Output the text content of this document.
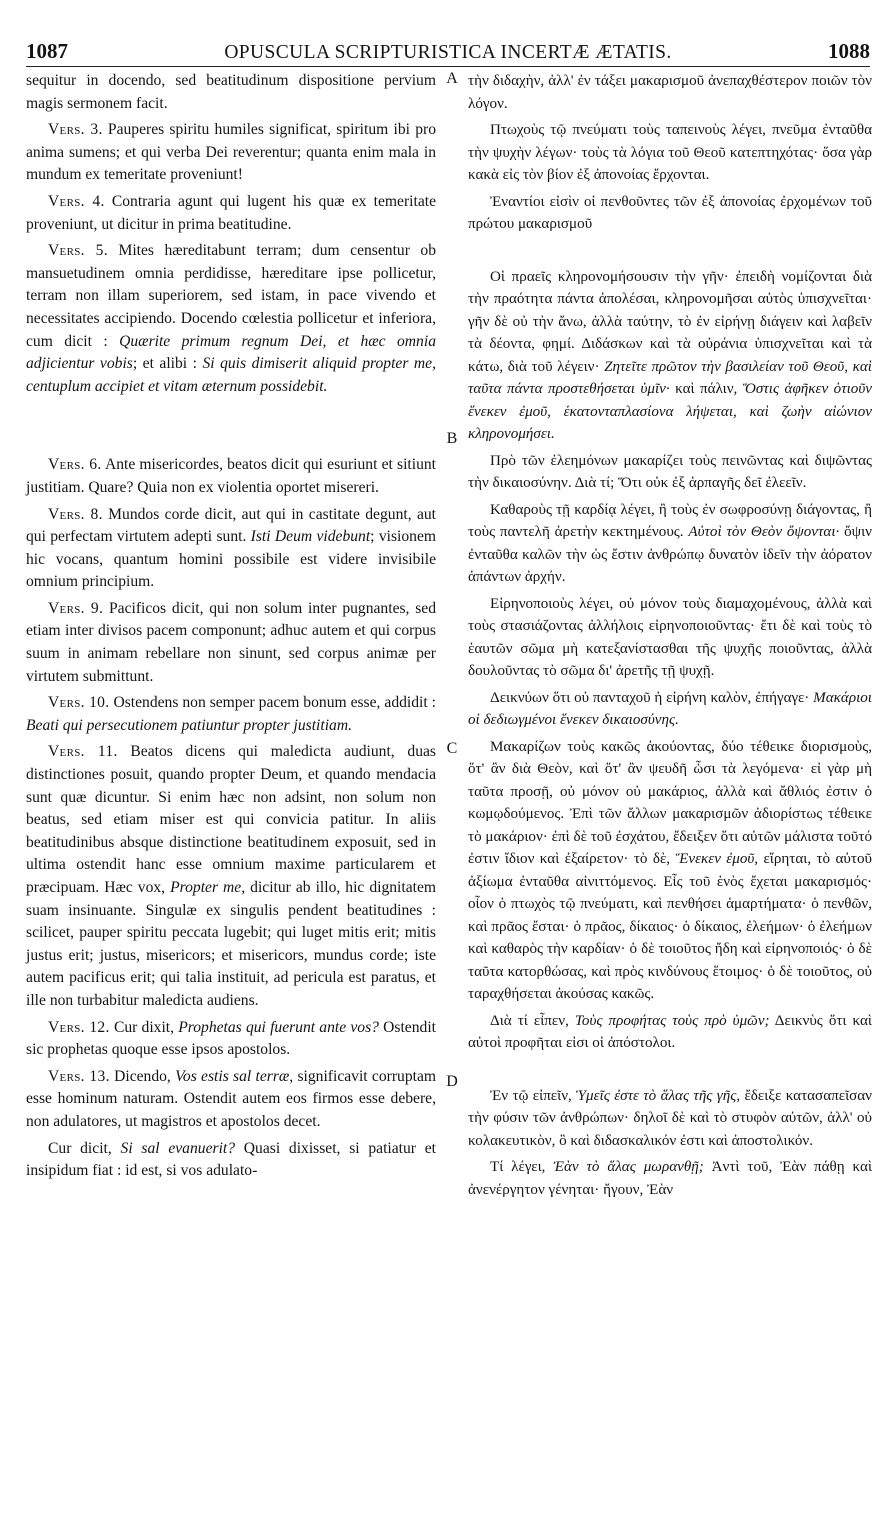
1087	OPUSCULA SCRIPTURISTICA INCERTÆ ÆTATIS.	1088
A
B
C
D

sequitur in docendo, sed beatitudinum dispositione pervium magis sermonem facit.

Vers. 3. Pauperes spiritu humiles significat, spiritum ibi pro anima sumens; et qui verba Dei reverentur; quanta enim mala in mundum ex temeritate proveniunt!

Vers. 4. Contraria agunt qui lugent his quæ ex temeritate proveniunt, ut dicitur in prima beatitudine.

Vers. 5. Mites hæreditabunt terram; dum censentur ob mansuetudinem omnia perdidisse, hæreditare ipse pollicetur, terram non illam superiorem, sed istam, in pace vivendo et necessitates accipiendo. Docendo cœlestia pollicetur et inferiora, cum dicit : Quærite primum regnum Dei, et hæc omnia adjicientur vobis; et alibi : Si quis dimiserit aliquid propter me, centuplum accipiet et vitam æternum possidebit.

Vers. 6. Ante misericordes, beatos dicit qui esuriunt et sitiunt justitiam. Quare? Quia non ex violentia oportet misereri.

Vers. 8. Mundos corde dicit, aut qui in castitate degunt, aut qui perfectam virtutem adepti sunt. Isti Deum videbunt; visionem hic vocans, quantum homini possibile est videre invisibile omnium principium.

Vers. 9. Pacificos dicit, qui non solum inter pugnantes, sed etiam inter divisos pacem componunt; adhuc autem et qui corpus suum in animam rebellare non sinunt, sed corpus animæ per virtutem submittunt.

Vers. 10. Ostendens non semper pacem bonum esse, addidit : Beati qui persecutionem patiuntur propter justitiam.

Vers. 11. Beatos dicens qui maledicta audiunt, duas distinctiones posuit, quando propter Deum, et quando mendacia sunt quæ dicuntur. Si enim hæc non adsint, non solum non beatus, sed etiam miser est qui convicia patitur. In aliis beatitudinibus absque distinctione beatitudinem exposuit, sed in ultima ostendit hanc esse omnium maxime particularem et præcipuam. Hæc vox, Propter me, dicitur ab illo, hic dignitatem suam insinuante. Singulæ ex singulis pendent beatitudines : scilicet, pauper spiritu peccata lugebit; qui luget mitis erit; mitis justus erit; justus, misericors; et misericors, mundus corde; iste autem pacificus erit; qui talia instituit, ad pericula est paratus, et ille non turbabitur maledicta audiens.

Vers. 12. Cur dixit, Prophetas qui fuerunt ante vos? Ostendit sic prophetas quoque esse ipsos apostolos.

Vers. 13. Dicendo, Vos estis sal terræ, significavit corruptam esse hominum naturam. Ostendit autem eos firmos esse debere, non adulatores, ut magistros et apostolos decet.

Cur dicit, Si sal evanuerit? Quasi dixisset, si patiatur et insipidum fiat : id est, si vos adulato-

τὴν διδαχὴν, ἀλλ' ἐν τάξει μακαρισμοῦ ἀνεπαχθέστερον ποιῶν τὸν λόγον.

Πτωχοὺς τῷ πνεύματι τοὺς ταπεινοὺς λέγει, πνεῦμα ἐνταῦθα τὴν ψυχὴν λέγων· τοὺς τὰ λόγια τοῦ Θεοῦ κατεπτηχότας· ὅσα γὰρ κακὰ εἰς τὸν βίον ἐξ ἀπονοίας ἔρχονται.

Ἐναντίοι εἰσὶν οἱ πενθοῦντες τῶν ἐξ ἀπονοίας ἐρχομένων τοῦ πρώτου μακαρισμοῦ

Οἱ πραεῖς κληρονομήσουσιν τὴν γῆν· ἐπειδὴ νομίζονται διὰ τὴν πραότητα πάντα ἀπολέσαι, κληρονομῆσαι αὐτὸς ὑπισχνεῖται· γῆν δὲ οὐ τὴν ἄνω, ἀλλὰ ταύτην, τὸ ἐν εἰρήνῃ διάγειν καὶ λαβεῖν τὰ δέοντα, φημί. Διδάσκων καὶ τὰ οὐράνια ὑπισχνεῖται καὶ τὰ κάτω, διὰ τοῦ λέγειν· Ζητεῖτε πρῶτον τὴν βασιλείαν τοῦ Θεοῦ, καὶ ταῦτα πάντα προστεθήσεται ὑμῖν· καὶ πάλιν, Ὅστις ἀφῆκεν ὁτιοῦν ἕνεκεν ἐμοῦ, ἑκατονταπλασίονα λήψεται, καὶ ζωὴν αἰώνιον κληρονομήσει.

Πρὸ τῶν ἐλεημόνων μακαρίζει τοὺς πεινῶντας καὶ διψῶντας τὴν δικαιοσύνην. Διὰ τί; Ὅτι οὐκ ἐξ ἁρπαγῆς δεῖ ἐλεεῖν.

Καθαροὺς τῇ καρδίᾳ λέγει, ἢ τοὺς ἐν σωφροσύνῃ διάγοντας, ἢ τοὺς παντελῆ ἀρετὴν κεκτημένους. Αὐτοὶ τὸν Θεὸν ὄψονται· ὄψιν ἐνταῦθα καλῶν τὴν ὡς ἔστιν ἀνθρώπῳ δυνατὸν ἰδεῖν τὴν ἀόρατον ἁπάντων ἀρχήν.

Εἰρηνοποιοὺς λέγει, οὐ μόνον τοὺς διαμαχομένους, ἀλλὰ καὶ τοὺς στασιάζοντας ἀλλήλοις εἰρηνοποιοῦντας· ἔτι δὲ καὶ τοὺς τὸ ἑαυτῶν σῶμα μὴ κατεξανίστασθαι τῆς ψυχῆς ποιοῦντας, ἀλλὰ δουλοῦντας τὸ σῶμα δι' ἀρετῆς τῇ ψυχῇ.

Δεικνύων ὅτι οὐ πανταχοῦ ἡ εἰρήνη καλὸν, ἐπήγαγε· Μακάριοι οἱ δεδιωγμένοι ἕνεκεν δικαιοσύνης.

Μακαρίζων τοὺς κακῶς ἀκούοντας, δύο τέθεικε διορισμοὺς, ὅτ' ἂν διὰ Θεὸν, καὶ ὅτ' ἂν ψευδῆ ὦσι τὰ λεγόμενα· εἰ γὰρ μὴ ταῦτα προσῇ, οὐ μόνον οὐ μακάριος, ἀλλὰ καὶ ἄθλιός ἐστιν ὁ κωμῳδούμενος. Ἐπὶ τῶν ἄλλων μακαρισμῶν ἀδιορίστως τέθεικε τὸ μακάριον· ἐπὶ δὲ τοῦ ἐσχάτου, ἔδειξεν ὅτι αὐτῶν μάλιστα τοῦτό ἐστιν ἴδιον καὶ ἐξαίρετον· τὸ δὲ, Ἕνεκεν ἐμοῦ, εἴρηται, τὸ αὐτοῦ ἀξίωμα ἐνταῦθα αἰνιττόμενος. Εἷς τοῦ ἑνὸς ἔχεται μακαρισμός· οἷον ὁ πτωχὸς τῷ πνεύματι, καὶ πενθήσει ἁμαρτήματα· ὁ πενθῶν, καὶ πρᾶος ἔσται· ὁ πρᾶος, δίκαιος· ὁ δίκαιος, ἐλεήμων· ὁ ἐλεήμων καὶ καθαρὸς τὴν καρδίαν· ὁ δὲ τοιοῦτος ἤδη καὶ εἰρηνοποιός· ὁ δὲ ταῦτα κατορθώσας, καὶ πρὸς κινδύνους ἕτοιμος· ὁ δὲ τοιοῦτος, οὐ ταραχθήσεται ἀκούσας κακῶς.

Διὰ τί εἶπεν, Τοὺς προφήτας τοὺς πρὸ ὑμῶν; Δεικνὺς ὅτι καὶ αὐτοὶ προφῆται εἰσι οἱ ἀπόστολοι.

Ἐν τῷ εἰπεῖν, Ὑμεῖς ἐστε τὸ ἅλας τῆς γῆς, ἔδειξε κατασαπεῖσαν τὴν φύσιν τῶν ἀνθρώπων· δηλοῖ δὲ καὶ τὸ στυφὸν αὐτῶν, ἀλλ' οὐ κολακευτικὸν, ὃ καὶ διδασκαλικόν ἐστι καὶ ἀποστολικόν.

Τί λέγει, Ἐὰν τὸ ἅλας μωρανθῇ; Ἀντὶ τοῦ, Ἐὰν πάθῃ καὶ ἀνενέργητον γένηται· ἤγουν, Ἐὰν
